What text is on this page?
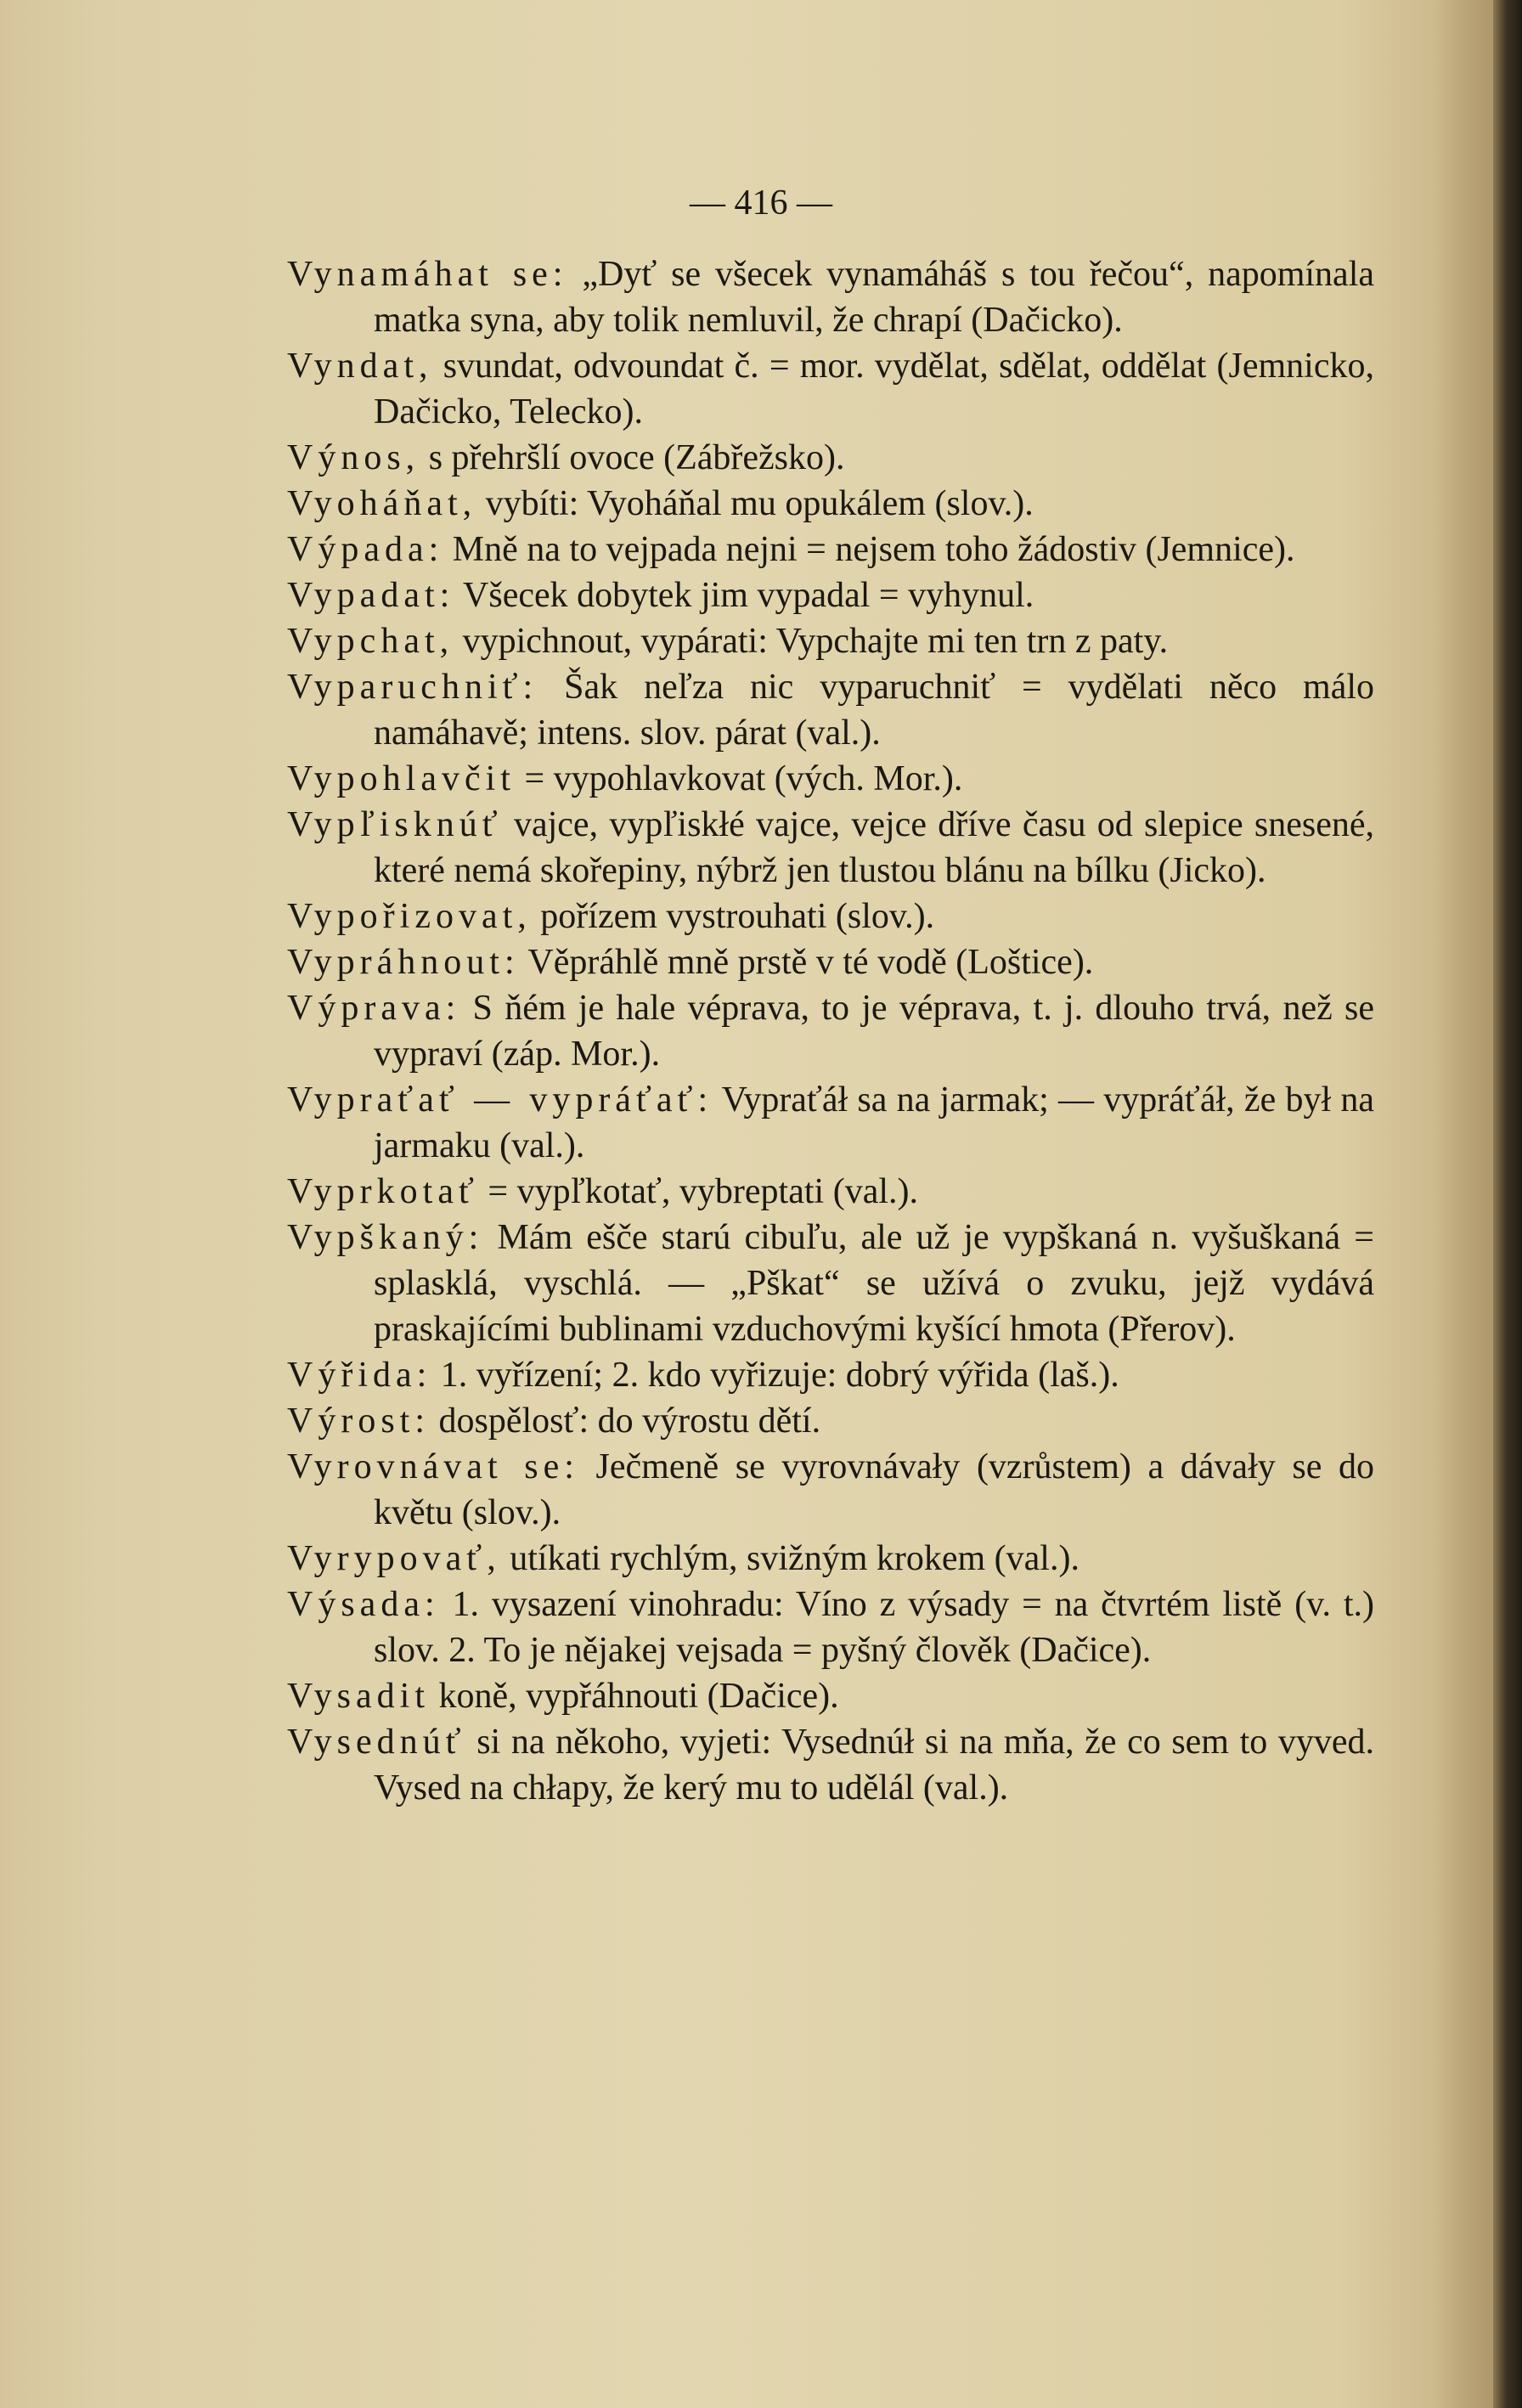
— 416 —

Vynamáhat se: „Dyť se všecek vynamáháš s tou řečou“, napomínala matka syna, aby tolik nemluvil, že chrapí (Dačicko).

Vyndat, svundat, odvoundat č. = mor. vydělat, sdělat, oddělat (Jemnicko, Dačicko, Telecko).

Výnos, s přehršlí ovoce (Zábřežsko).

Vyoháňat, vybíti: Vyoháňal mu opukálem (slov.).

Výpada: Mně na to vejpada nejni = nejsem toho žádostiv (Jemnice).

Vypadat: Všecek dobytek jim vypadal = vyhynul.

Vypchat, vypichnout, vypárati: Vypchajte mi ten trn z paty.

Vyparuchniť: Šak neľza nic vyparuchniť = vydělati něco málo namáhavě; intens. slov. párat (val.).

Vypohlavčit = vypohlavkovat (vých. Mor.).

Vypľisknúť vajce, vypľiskłé vajce, vejce dříve času od slepice snesené, které nemá skořepiny, nýbrž jen tlustou blánu na bílku (Jicko).

Vypořizovat, pořízem vystrouhati (slov.).

Vypráhnout: Věpráhlě mně prstě v té vodě (Loštice).

Výprava: S ňém je hale véprava, to je véprava, t. j. dlouho trvá, než se vypraví (záp. Mor.).

Vypraťať — vypráťať: Vypraťáł sa na jarmak; — vypráťáł, že był na jarmaku (val.).

Vyprkotať = vypľkotať, vybreptati (val.).

Vypškaný: Mám ešče starú cibuľu, ale už je vypškaná n. vyšuškaná = splasklá, vyschlá. — „Pškat“ se užívá o zvuku, jejž vydává praskajícími bublinami vzduchovými kyšící hmota (Přerov).

Výřida: 1. vyřízení; 2. kdo vyřizuje: dobrý výřida (laš.).

Výrost: dospělosť: do výrostu dětí.

Vyrovnávat se: Ječmeně se vyrovnávały (vzrůstem) a dávały se do květu (slov.).

Vyrypovať, utíkati rychlým, svižným krokem (val.).

Výsada: 1. vysazení vinohradu: Víno z výsady = na čtvrtém listě (v. t.) slov. 2. To je nějakej vejsada = pyšný člověk (Dačice).

Vysadit koně, vypřáhnouti (Dačice).

Vysednúť si na někoho, vyjeti: Vysednúł si na mňa, že co sem to vyved. Vysed na chłapy, že kerý mu to udělál (val.).
